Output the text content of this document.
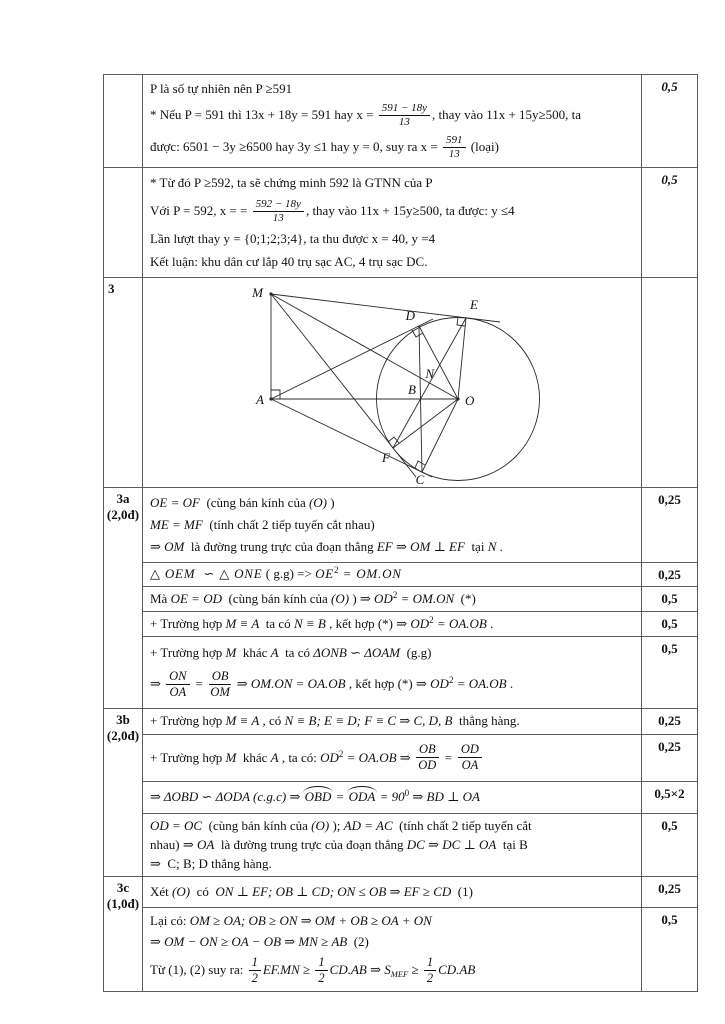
P là số tự nhiên nên P ≥591
* Nếu P = 591 thì 13x + 18y = 591 hay $x = \frac{591 - 18y}{13}$ , thay vào 11x + 15y≥500, ta
được: 6501 − 3y ≥6500 hay 3y ≤1 hay y = 0, suy ra $x = \frac{591}{13}$ (loại)
0,5
* Từ đó P ≥592, ta sẽ chứng minh 592 là GTNN của P
Với P = 592, x = = $\frac{592 - 18y}{13}$ , thay vào 11x + 15y≥500, ta được: y ≤4
Lần lượt thay y = {0;1;2;3;4}, ta thu được x = 40, y =4
Kết luận: khu dân cư lắp 40 trụ sạc AC, 4 trụ sạc DC.
0,5
3	M
E
D
N
A
B
O
F
C
3a
(2,0đ)
OE = OF (cùng bán kính của (O) )
ME = MF (tính chất 2 tiếp tuyến cắt nhau)
⇒ OM là đường trung trực của đoạn thẳng EF ⇒ OM ⊥ EF tại N .
0,25
△ OEM  ∽ △ ONE ( g.g) => OE 2 = OM.ON	0,25
Mà OE = OD (cùng bán kính của (O) ) ⇒ OD 2 = OM.ON (*)	0,5
+ Trường hợp M ≡ A ta có N ≡ B , kết hợp (*) ⇒ OD 2 = OA.OB .	0,5
+ Trường hợp M khác A ta có ΔONB ∽ ΔOAM (g.g)
⇒ $\frac{ON}{OA} = \frac{OB}{OM}$ ⇒ OM.ON = OA.OB , kết hợp (*) ⇒ OD 2 = OA.OB .
0,5
3b
(2,0đ)
+ Trường hợp M ≡ A , có N ≡ B; E ≡ D; F ≡ C ⇒ C, D, B thẳng hàng.	0,25
+ Trường hợp M khác A , ta có: OD 2 = OA.OB ⇒ $\frac{OB}{OD} = \frac{OD}{OA}$	0,25
⇒ ΔOBD ∽ ΔODA (c.g.c) ⇒ OBD = ODA = 90 0 ⇒ BD ⊥ OA	0,5×2
OD = OC (cùng bán kính của (O) ); AD = AC (tính chất 2 tiếp tuyến cắt
nhau) ⇒ OA là đường trung trực của đoạn thẳng DC ⇒ DC ⊥ OA tại B
⇒ C; B; D thẳng hàng.
0,5
3c
(1,0đ)
Xét (O) có ON ⊥ EF; OB ⊥ CD; ON ≤ OB ⇒ EF ≥ CD (1)	0,25
Lại có: OM ≥ OA; OB ≥ ON ⇒ OM + OB ≥ OA + ON
⇒ OM − ON ≥ OA − OB ⇒ MN ≥ AB (2)
Từ (1), (2) suy ra:
1
2
$EF.MN \ge \frac{1}{2} CD.AB$ ⇒ S MEF ≥ $\frac{1}{2} CD.AB$
0,5
